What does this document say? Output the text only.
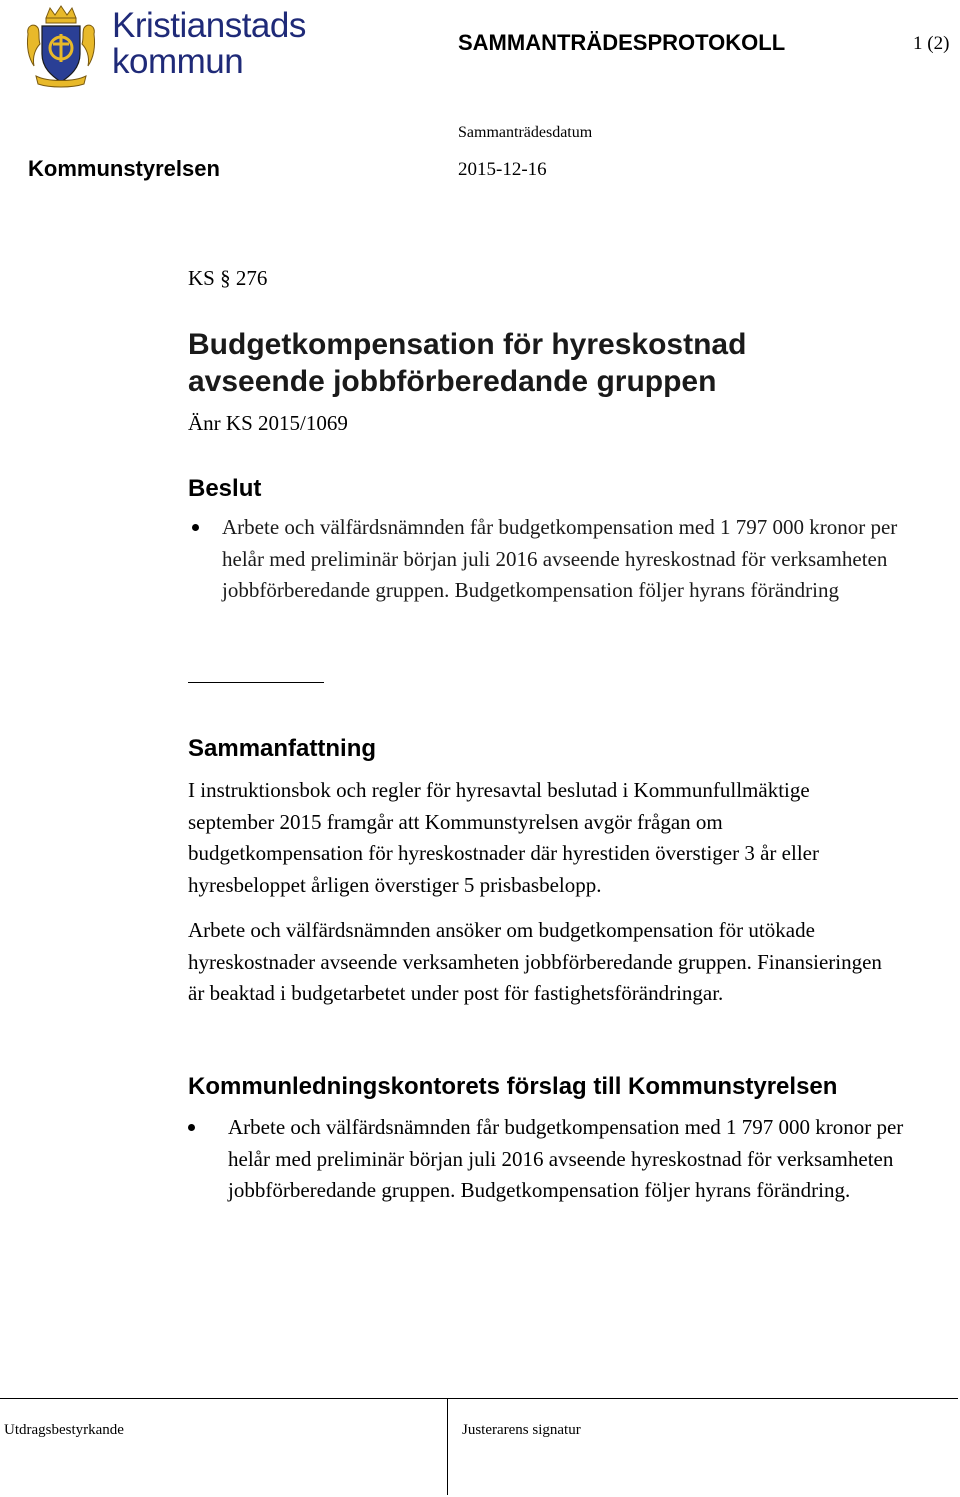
Kristianstads
kommun	SAMMANTRÄDESPROTOKOLL	1 (2)
Sammanträdesdatum
Kommunstyrelsen	2015-12-16
KS § 276
Budgetkompensation för hyreskostnad
avseende jobbförberedande gruppen
Änr KS 2015/1069
Beslut
Arbete och välfärdsnämnden får budgetkompensation med 1 797 000 kronor per helår med preliminär början juli 2016 avseende hyreskostnad för verksamheten jobbförberedande gruppen. Budgetkompensation följer hyrans förändring
Sammanfattning

I instruktionsbok och regler för hyresavtal beslutad i Kommunfullmäktige september 2015 framgår att Kommunstyrelsen avgör frågan om budgetkompensation för hyreskostnader där hyrestiden överstiger 3 år eller hyresbeloppet årligen överstiger 5 prisbasbelopp.

Arbete och välfärdsnämnden ansöker om budgetkompensation för utökade hyreskostnader avseende verksamheten jobbförberedande gruppen. Finansieringen är beaktad i budgetarbetet under post för fastighetsförändringar.

Kommunledningskontorets förslag till Kommunstyrelsen
Arbete och välfärdsnämnden får budgetkompensation med 1 797 000 kronor per helår med preliminär början juli 2016 avseende hyreskostnad för verksamheten jobbförberedande gruppen. Budgetkompensation följer hyrans förändring.
Utdragsbestyrkande	Justerarens signatur
